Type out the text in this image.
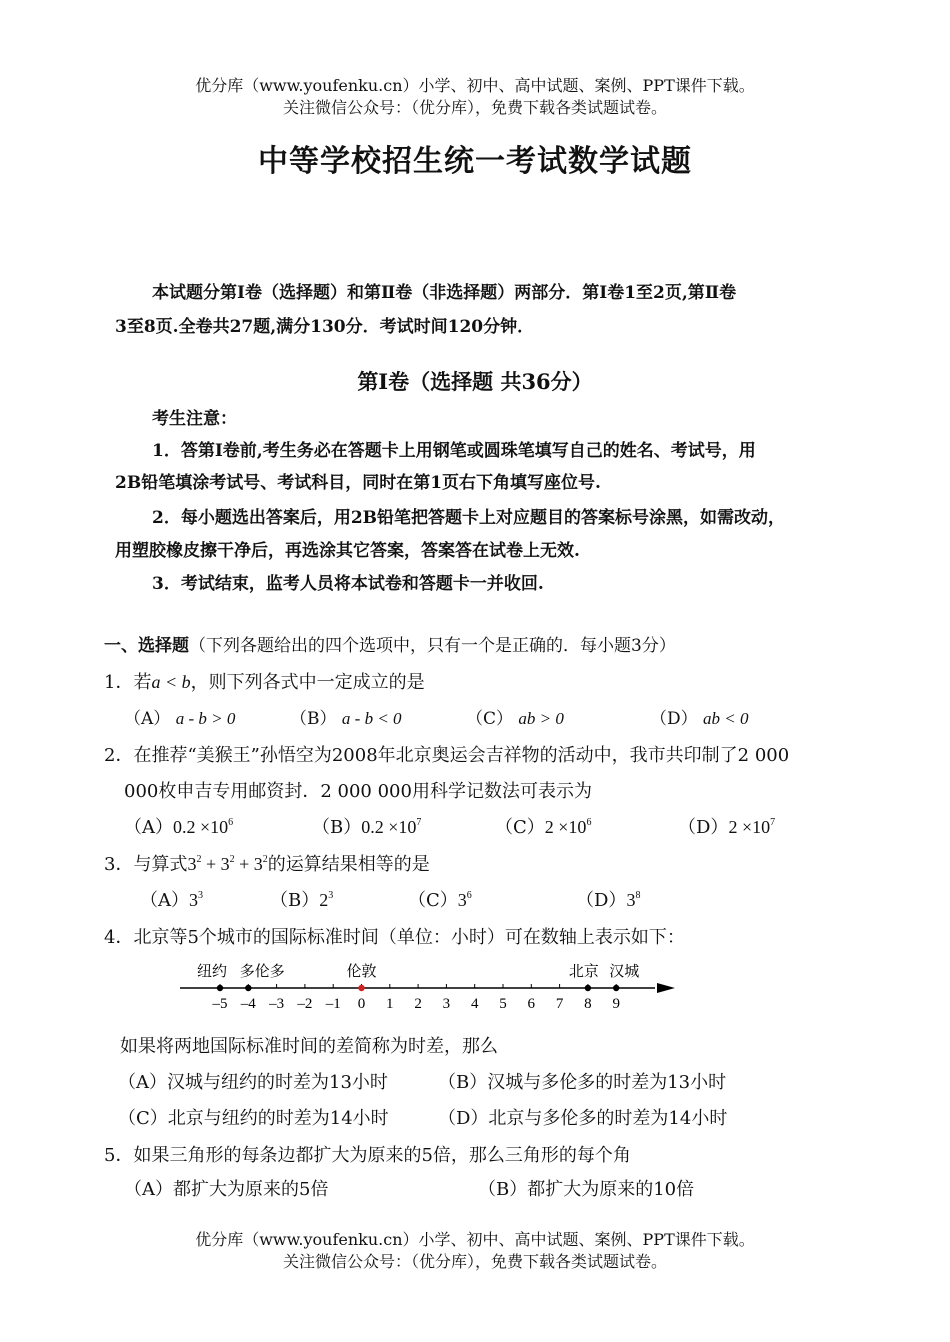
优分库（www.youfenku.cn）小学、初中、高中试题、案例、PPT课件下载。
关注微信公众号：（优分库），免费下载各类试题试卷。
中等学校招生统一考试数学试题
本试题分第Ⅰ卷（选择题）和第Ⅱ卷（非选择题）两部分．第Ⅰ卷1至2页,第Ⅱ卷
3至8页.全卷共27题,满分130分．考试时间120分钟．
第Ⅰ卷（选择题 共36分）
考生注意：
1．答第Ⅰ卷前,考生务必在答题卡上用钢笔或圆珠笔填写自己的姓名、考试号，用
2B铅笔填涂考试号、考试科目，同时在第1页右下角填写座位号.
2．每小题选出答案后，用2B铅笔把答题卡上对应题目的答案标号涂黑，如需改动，
用塑胶橡皮擦干净后，再选涂其它答案，答案答在试卷上无效.
3．考试结束，监考人员将本试卷和答题卡一并收回.
一、选择题（下列各题给出的四个选项中，只有一个是正确的．每小题3分）
1．若a < b，则下列各式中一定成立的是
（A） a - b > 0	（B） a - b < 0	（C） ab > 0	（D） ab < 0
2．在推荐“美猴王”孙悟空为2008年北京奥运会吉祥物的活动中，我市共印制了2 000
000枚申吉专用邮资封．2 000 000用科学记数法可表示为
$(A)0.2 \times 10^6$	$(B)0.2 \times 10^7$	$(C)2 \times 10^6$	$(D)2 \times 10^7$
3．与算式$3^2 + 3^2 + 3^2$的运算结果相等的是
$(A)3^3$	$(B)2^3$	$(C)3^6$	$(D)3^8$
4．北京等5个城市的国际标准时间（单位：小时）可在数轴上表示如下：
–5 –4 –3 –2 –1 0 1 2 3 4 5 6 7 8 9
纽约 多伦多	伦敦	北京 汉城
如果将两地国际标准时间的差简称为时差，那么
（A）汉城与纽约的时差为13小时	（B）汉城与多伦多的时差为13小时
（C）北京与纽约的时差为14小时	（D）北京与多伦多的时差为14小时
5．如果三角形的每条边都扩大为原来的5倍，那么三角形的每个角
（A）都扩大为原来的5倍	（B）都扩大为原来的10倍
优分库（www.youfenku.cn）小学、初中、高中试题、案例、PPT课件下载。
关注微信公众号：（优分库），免费下载各类试题试卷。
